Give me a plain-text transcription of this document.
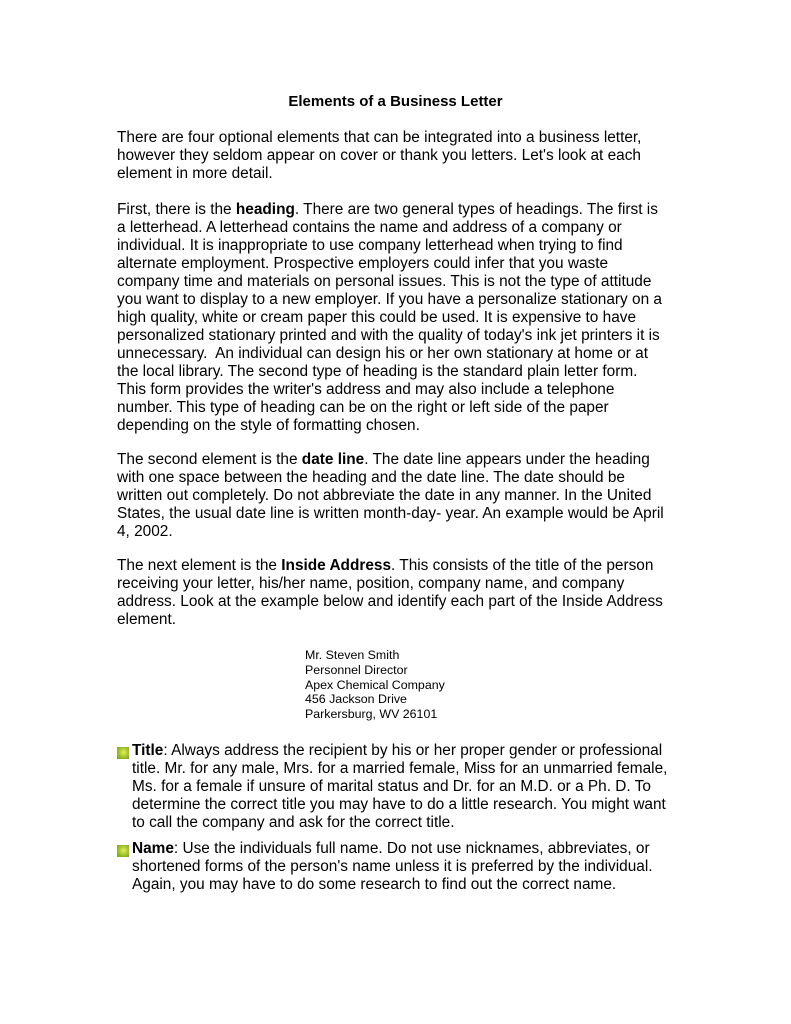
Elements of a Business Letter
There are four optional elements that can be integrated into a business letter,
however they seldom appear on cover or thank you letters. Let's look at each
element in more detail.
First, there is the heading. There are two general types of headings. The first is
a letterhead. A letterhead contains the name and address of a company or
individual. It is inappropriate to use company letterhead when trying to find
alternate employment. Prospective employers could infer that you waste
company time and materials on personal issues. This is not the type of attitude
you want to display to a new employer. If you have a personalize stationary on a
high quality, white or cream paper this could be used. It is expensive to have
personalized stationary printed and with the quality of today's ink jet printers it is
unnecessary.  An individual can design his or her own stationary at home or at
the local library. The second type of heading is the standard plain letter form.
This form provides the writer's address and may also include a telephone
number. This type of heading can be on the right or left side of the paper
depending on the style of formatting chosen.
The second element is the date line. The date line appears under the heading
with one space between the heading and the date line. The date should be
written out completely. Do not abbreviate the date in any manner. In the United
States, the usual date line is written month-day- year. An example would be April
4, 2002.
The next element is the Inside Address. This consists of the title of the person
receiving your letter, his/her name, position, company name, and company
address. Look at the example below and identify each part of the Inside Address
element.
Mr. Steven Smith
Personnel Director
Apex Chemical Company
456 Jackson Drive
Parkersburg, WV 26101
Title: Always address the recipient by his or her proper gender or professional
title. Mr. for any male, Mrs. for a married female, Miss for an unmarried female,
Ms. for a female if unsure of marital status and Dr. for an M.D. or a Ph. D. To
determine the correct title you may have to do a little research. You might want
to call the company and ask for the correct title.
Name: Use the individuals full name. Do not use nicknames, abbreviates, or
shortened forms of the person's name unless it is preferred by the individual.
Again, you may have to do some research to find out the correct name.
